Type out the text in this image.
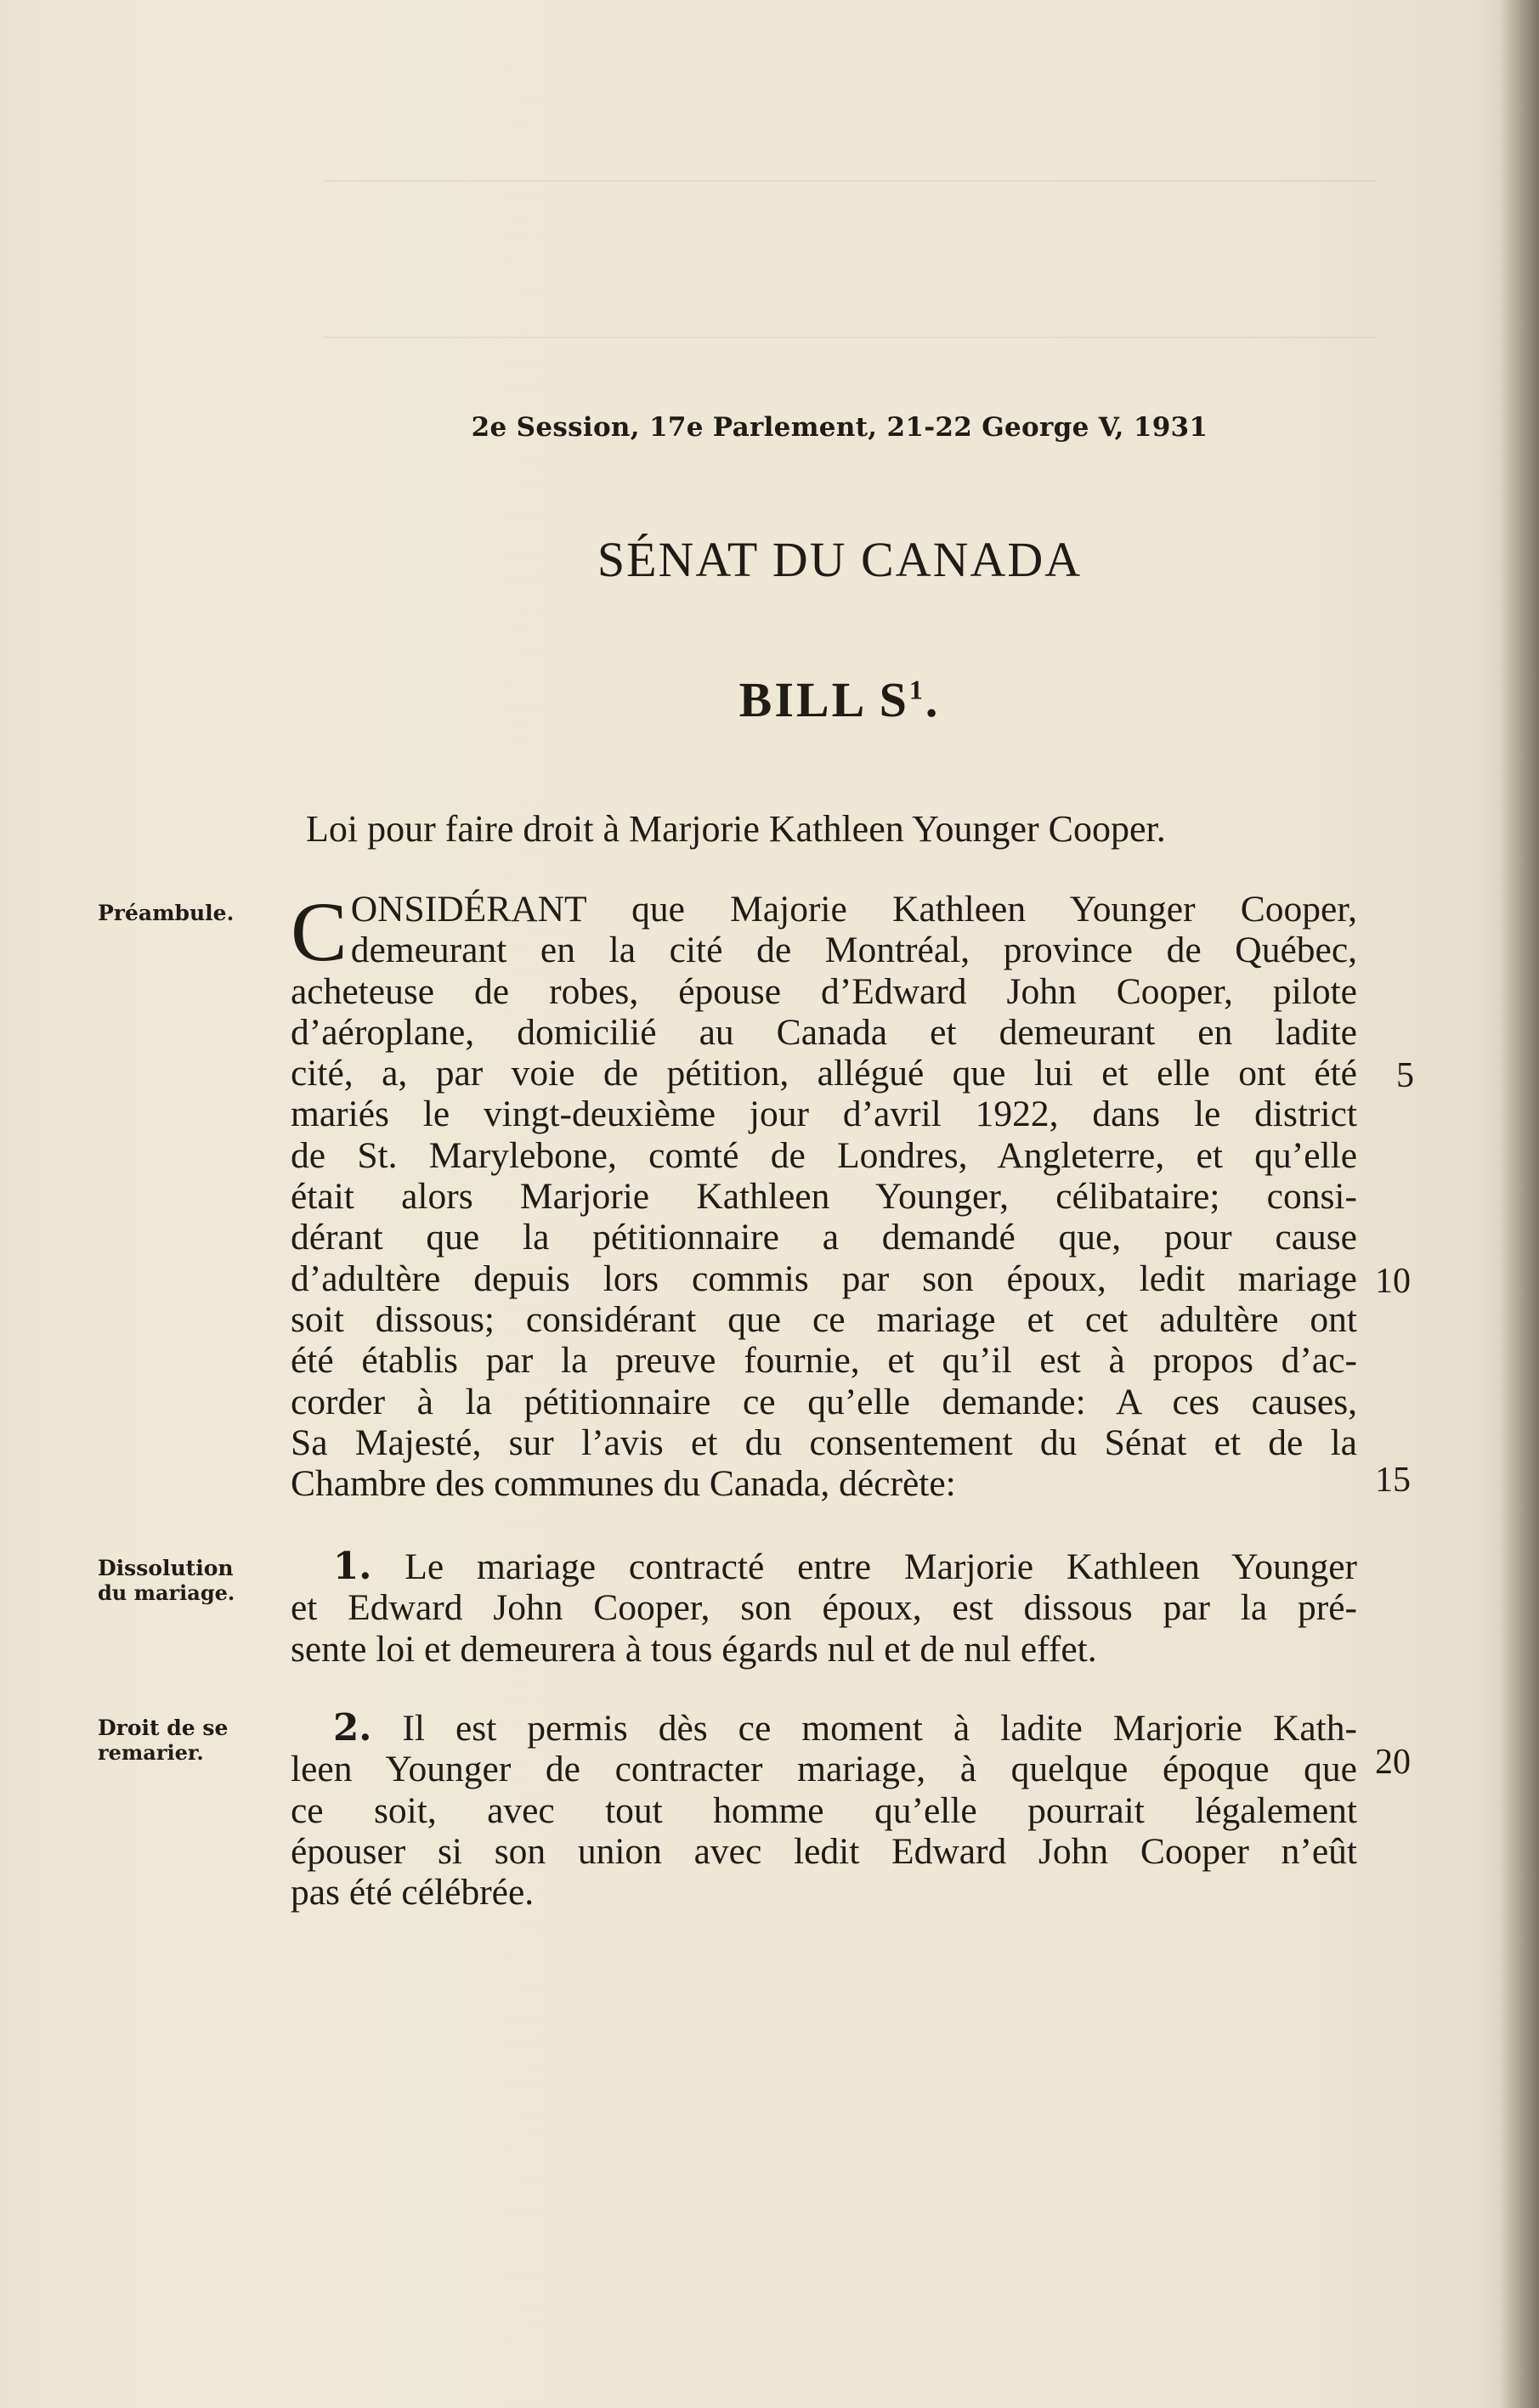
2e Session, 17e Parlement, 21-22 George V, 1931
SÉNAT DU CANADA
BILL $S^1$.
Loi pour faire droit à Marjorie Kathleen Younger Cooper.
Préambule.
Dissolution
du mariage.
Droit de se
remarier.
C ONSIDÉRANT que Majorie Kathleen Younger Cooper,
demeurant en la cité de Montréal, province de Québec,
acheteuse de robes, épouse d’Edward John Cooper, pilote
d’aéroplane, domicilié au Canada et demeurant en ladite
cité, a, par voie de pétition, allégué que lui et elle ont été
mariés le vingt-deuxième jour d’avril 1922, dans le district
de St. Marylebone, comté de Londres, Angleterre, et qu’elle
était alors Marjorie Kathleen Younger, célibataire; consi-
dérant que la pétitionnaire a demandé que, pour cause
d’adultère depuis lors commis par son époux, ledit mariage
soit dissous; considérant que ce mariage et cet adultère ont
été établis par la preuve fournie, et qu’il est à propos d’ac-
corder à la pétitionnaire ce qu’elle demande: A ces causes,
Sa Majesté, sur l’avis et du consentement du Sénat et de la
Chambre des communes du Canada, décrète:
1. Le mariage contracté entre Marjorie Kathleen Younger
et Edward John Cooper, son époux, est dissous par la pré-
sente loi et demeurera à tous égards nul et de nul effet.
2. Il est permis dès ce moment à ladite Marjorie Kath-
leen Younger de contracter mariage, à quelque époque que
ce soit, avec tout homme qu’elle pourrait légalement
épouser si son union avec ledit Edward John Cooper n’eût
pas été célébrée.
5
10
15
20
